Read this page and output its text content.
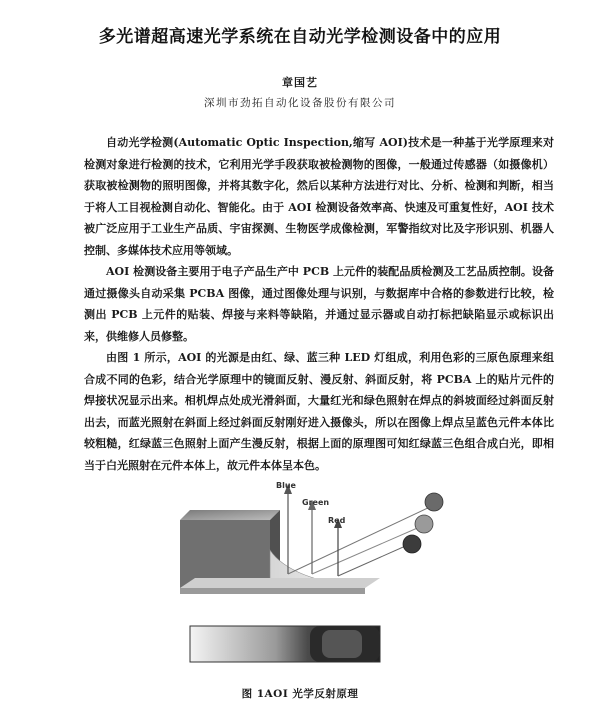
多光谱超高速光学系统在自动光学检测设备中的应用
章国艺
深圳市劲拓自动化设备股份有限公司

自动光学检测(Automatic Optic Inspection,缩写 AOI)技术是一种基于光学原理来对检测对象进行检测的技术，它利用光学手段获取被检测物的图像，一般通过传感器（如摄像机）获取被检测物的照明图像，并将其数字化，然后以某种方法进行对比、分析、检测和判断，相当于将人工目视检测自动化、智能化。由于 AOI 检测设备效率高、快速及可重复性好，AOI 技术被广泛应用于工业生产品质、宇宙探测、生物医学成像检测，军警指纹对比及字形识别、机器人控制、多媒体技术应用等领域。

AOI 检测设备主要用于电子产品生产中 PCB 上元件的装配品质检测及工艺品质控制。设备通过摄像头自动采集 PCBA 图像，通过图像处理与识别，与数据库中合格的参数进行比较，检测出 PCB 上元件的贴装、焊接与来料等缺陷，并通过显示器或自动打标把缺陷显示或标识出来，供维修人员修整。

由图 1 所示，AOI 的光源是由红、绿、蓝三种 LED 灯组成，利用色彩的三原色原理来组合成不同的色彩，结合光学原理中的镜面反射、漫反射、斜面反射，将 PCBA 上的贴片元件的焊接状况显示出来。相机焊点处成光滑斜面，大量红光和绿色照射在焊点的斜坡面经过斜面反射出去，而蓝光照射在斜面上经过斜面反射刚好进入摄像头，所以在图像上焊点呈蓝色元件本体比较粗糙，红绿蓝三色照射上面产生漫反射，根据上面的原理图可知红绿蓝三色组合成白光，即相当于白光照射在元件本体上，故元件本体呈本色。

Blue
Green
Red
图 1AOI 光学反射原理
